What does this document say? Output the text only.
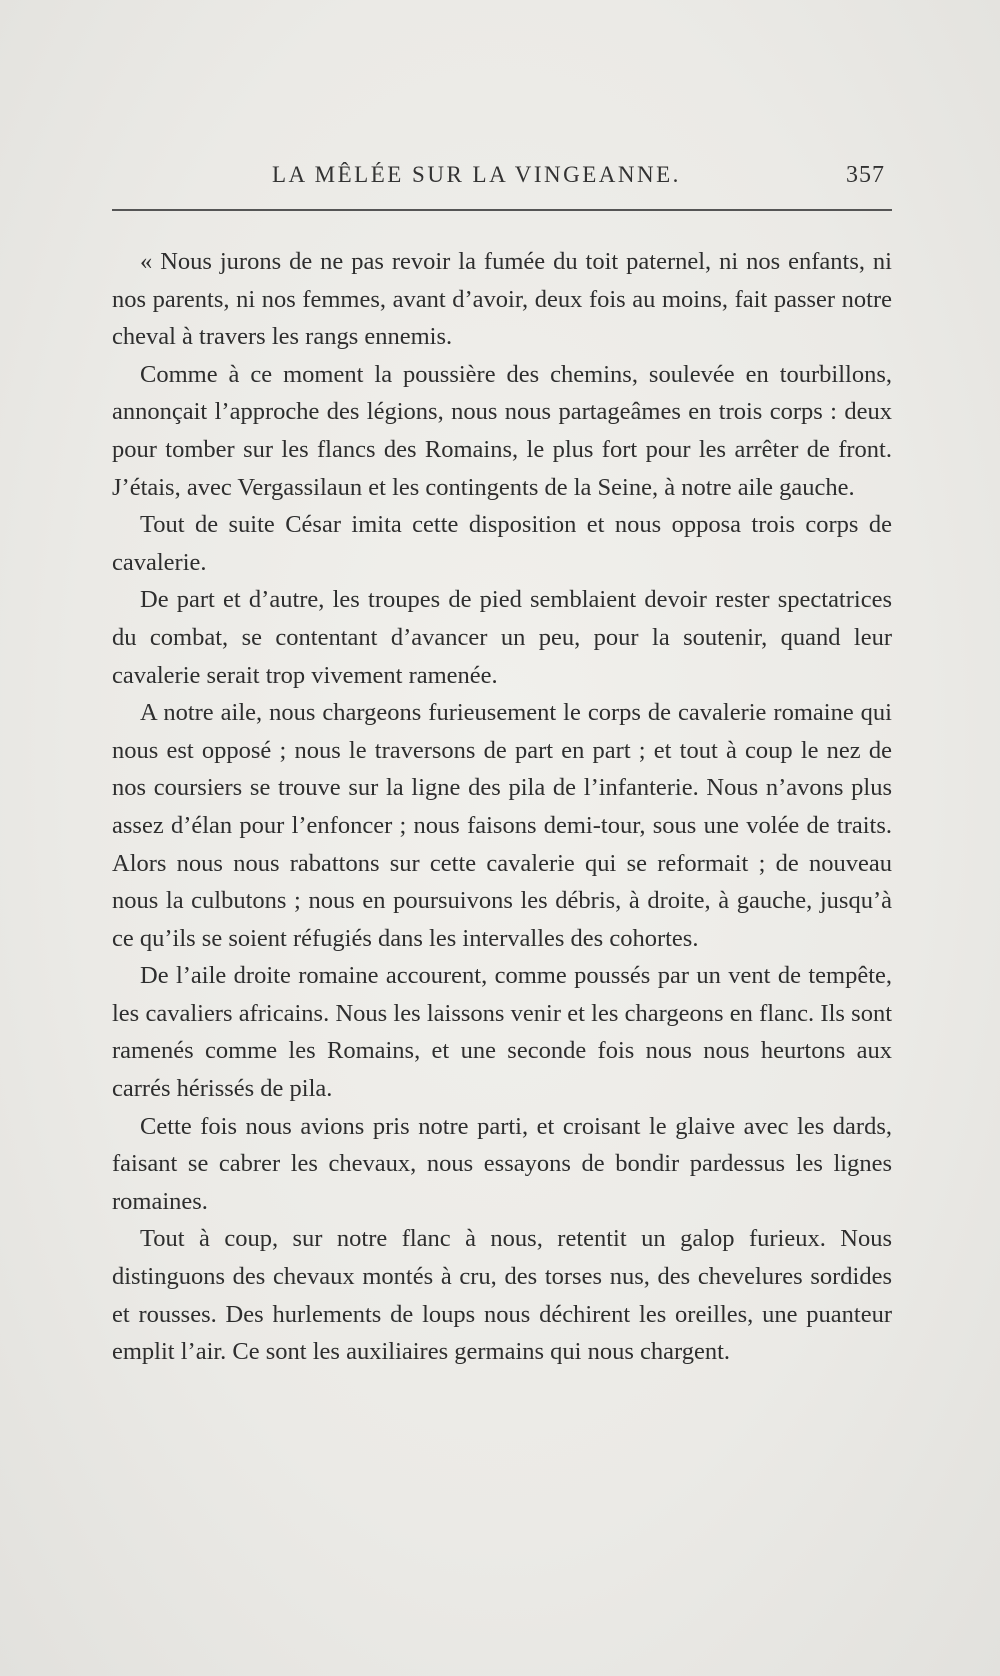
LA MÊLÉE SUR LA VINGEANNE.	357

« Nous jurons de ne pas revoir la fumée du toit paternel, ni nos enfants, ni nos parents, ni nos femmes, avant d’avoir, deux fois au moins, fait passer notre cheval à travers les rangs ennemis.

Comme à ce moment la poussière des chemins, soulevée en tourbillons, annonçait l’approche des légions, nous nous partageâmes en trois corps : deux pour tomber sur les flancs des Romains, le plus fort pour les arrêter de front. J’étais, avec Vergassilaun et les contingents de la Seine, à notre aile gauche.

Tout de suite César imita cette disposition et nous opposa trois corps de cavalerie.

De part et d’autre, les troupes de pied semblaient devoir rester spectatrices du combat, se contentant d’avancer un peu, pour la soutenir, quand leur cavalerie serait trop vivement ramenée.

A notre aile, nous chargeons furieusement le corps de cavalerie romaine qui nous est opposé ; nous le traversons de part en part ; et tout à coup le nez de nos coursiers se trouve sur la ligne des pila de l’infanterie. Nous n’avons plus assez d’élan pour l’enfoncer ; nous faisons demi-tour, sous une volée de traits. Alors nous nous rabattons sur cette cavalerie qui se reformait ; de nouveau nous la culbutons ; nous en poursuivons les débris, à droite, à gauche, jusqu’à ce qu’ils se soient réfugiés dans les intervalles des cohortes.

De l’aile droite romaine accourent, comme poussés par un vent de tempête, les cavaliers africains. Nous les laissons venir et les chargeons en flanc. Ils sont ramenés comme les Romains, et une seconde fois nous nous heurtons aux carrés hérissés de pila.

Cette fois nous avions pris notre parti, et croisant le glaive avec les dards, faisant se cabrer les chevaux, nous essayons de bondir pardessus les lignes romaines.

Tout à coup, sur notre flanc à nous, retentit un galop furieux. Nous distinguons des chevaux montés à cru, des torses nus, des chevelures sordides et rousses. Des hurlements de loups nous déchirent les oreilles, une puanteur emplit l’air. Ce sont les auxiliaires germains qui nous chargent.
